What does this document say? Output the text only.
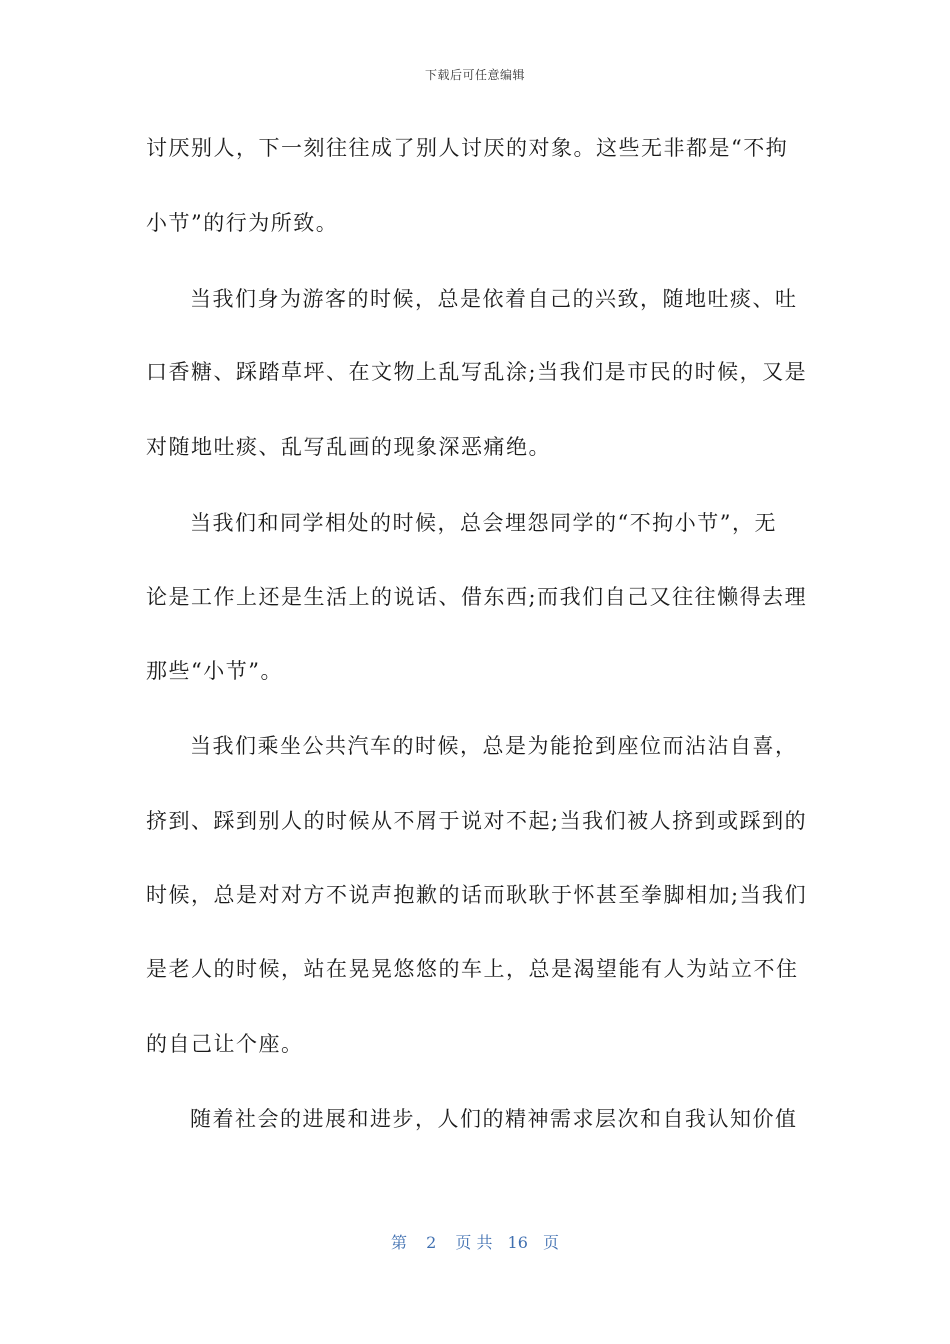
下载后可任意编辑
讨厌别人，下一刻往往成了别人讨厌的对象。这些无非都是“不拘
小节”的行为所致。
当我们身为游客的时候，总是依着自己的兴致，随地吐痰、吐
口香糖、踩踏草坪、在文物上乱写乱涂;当我们是市民的时候，又是
对随地吐痰、乱写乱画的现象深恶痛绝。
当我们和同学相处的时候，总会埋怨同学的“不拘小节”，无
论是工作上还是生活上的说话、借东西;而我们自己又往往懒得去理
那些“小节”。
当我们乘坐公共汽车的时候，总是为能抢到座位而沾沾自喜，
挤到、踩到别人的时候从不屑于说对不起;当我们被人挤到或踩到的
时候，总是对对方不说声抱歉的话而耿耿于怀甚至拳脚相加;当我们
是老人的时候，站在晃晃悠悠的车上，总是渴望能有人为站立不住
的自己让个座。
随着社会的进展和进步，人们的精神需求层次和自我认知价值
第 2 页 共 16 页
